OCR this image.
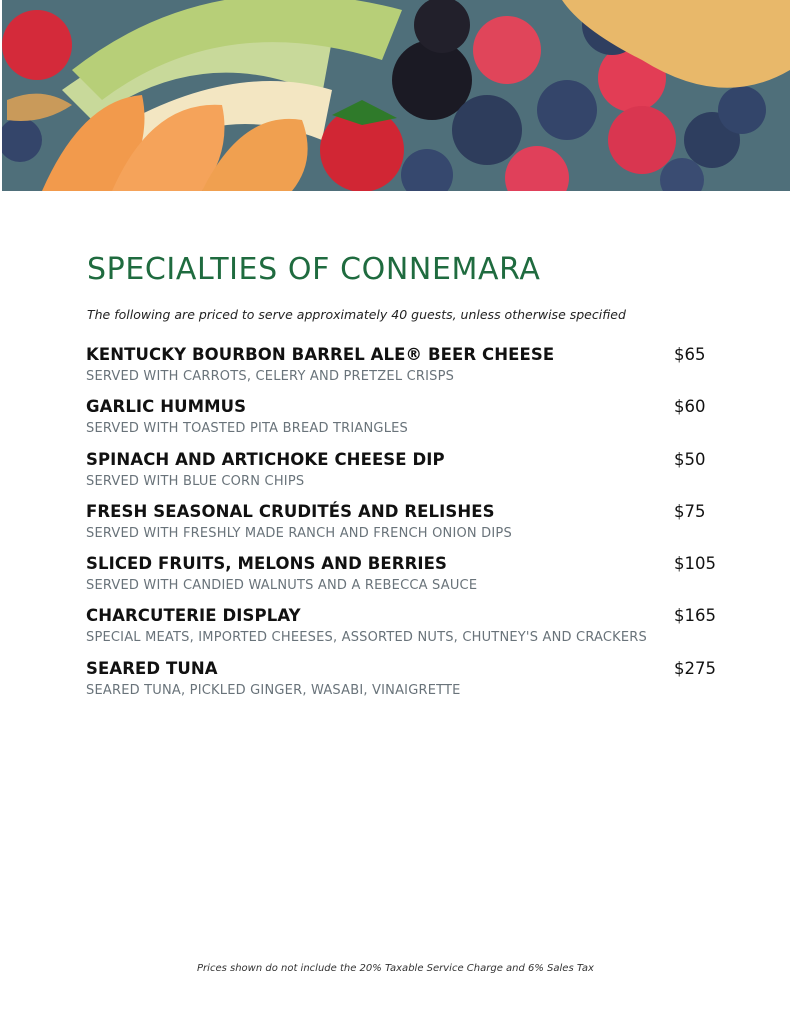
SPECIALTIES OF CONNEMARA
The following are priced to serve approximately 40 guests, unless otherwise specified
KENTUCKY BOURBON BARREL ALE® BEER CHEESE	$65
SERVED WITH CARROTS, CELERY AND PRETZEL CRISPS
GARLIC HUMMUS	$60
SERVED WITH TOASTED PITA BREAD TRIANGLES
SPINACH AND ARTICHOKE CHEESE DIP	$50
SERVED WITH BLUE CORN CHIPS
FRESH SEASONAL CRUDITÉS AND RELISHES	$75
SERVED WITH FRESHLY MADE RANCH AND FRENCH ONION DIPS
SLICED FRUITS, MELONS AND BERRIES	$105
SERVED WITH CANDIED WALNUTS AND A REBECCA SAUCE
CHARCUTERIE DISPLAY	$165
SPECIAL MEATS, IMPORTED CHEESES, ASSORTED NUTS, CHUTNEY'S AND CRACKERS
SEARED TUNA	$275
SEARED TUNA, PICKLED GINGER, WASABI, VINAIGRETTE
Prices shown do not include the 20% Taxable Service Charge and 6% Sales Tax
